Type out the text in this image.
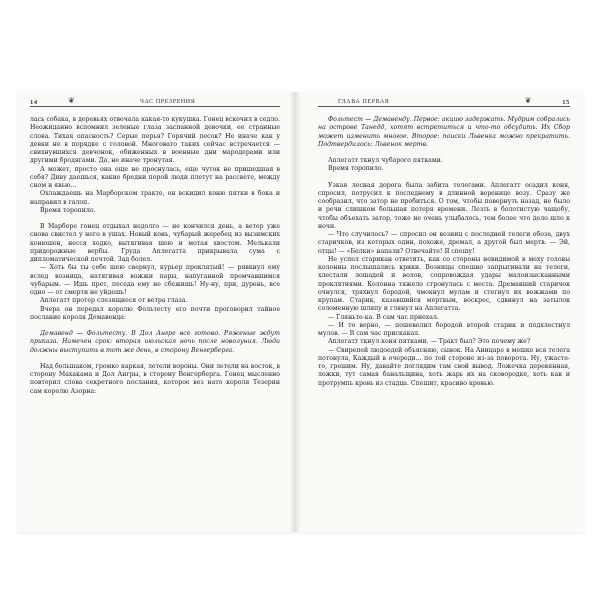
14	❦	ЧАС ПРЕЗРЕНИЯ

лась собака, в деревьях отвечала какая-то кукушка. Гонец вскочил в седло. Неожиданно вспомнил зеленые глаза заспанной девочки, ее странные слова. Тихая опасность? Серые перья? Горячий песок? Не иначе как у девки не в порядке с головой. Многовато таких сейчас встречается — свихнувшихся девчонок, обиженных в военные дни мародерами или другими бродягами. Да, не иначе тронутая.

А может, просто она еще не проснулась, еще чуток не пришедшая в себя? Диву даешься, какие бредни порой люди плетут на рассвете, между сном и явью...

Охлаждаешь на Марборском тракте, он вскидил коню пятки в бока и направил в галоп.

Время торопило.

В Марборе гонец отдыхал недолго — не кончился день, а ветер уже снова свистел у него в ушах. Новый конь, чубарый жеребец из вызимских конюшен, несся ходко, вытягивая шею и мотая хвостом. Мелькали придорожные вербы. Груда Аплегатта прикрывала сума с дипломатической почтой. Зад болел.

— Хоть бы ты себе шею свернул, курьер проклятый! — рявкнул ему вслед возница, натягивая вожжи пары, напуганной промчавшимся чубарым. — Ишь прет, песеда ему не сбежишь! Ну-ну, при, дурень, все одно — от смерти не уйдешь!

Аплегатт протер слезящиеся от ветра глаза.

Вчера он передал королю Фольтесту его почти проговорил тайное послание короля Демавенда:

Демавенд — Фольтесту. В Дол Ангре все готово. Ряженые ждут приказа. Намечен срок: вторая июльская ночь после новолуния. Люди должны выступить в тот же день, в сторону Венгерберга.

Над большаком, громко каркая, летели вороны. Они летели на восток, в сторону Махакама и Дол Ангры, в сторону Венгерберга. Гонец мысленно повторил слова секретного послания, которое вез нато короля Тезерин сам королю Азорна:

ГЛАВА ПЕРВАЯ	❦	15

Фольтест — Демавенду. Первое: акцию задержать. Мудрим собрались на острове Танедд, хотят встретиться и что-то обсудить. Их Сбор может изменить многое. Второе: поиски Львенка можно прекратить. Подтвердилось: Львенок мертв.

Аплегатт ткнул чубарого пятками.

Время торопило.

Узкая лесная дорога была забита телегами. Аплегатт осадил коня, спросил, потрусил к последнему в длинной веренице возу. Сразу же сообразил, что затор не пробиться. О том, чтобы повернуть назад, не было и речи слишком большая потеря времени. Лезть в болотистую чащобу, чтобы объехать затор, тоже не очень улыбалось, тем более что дело шло к ночи.

— Что случилось? — спросил он возниц с последней телеги обоза, двух старичков, из которых один, похоже, дремал, а другой был мертв. — Эй, отцы! — «Белки» напали? Отвечайте! Я спешу!

Не успел старикан ответить, как со стороны невидимой в меху головы колонны послышались крики. Возницы спешно запрыгивали на телеги, хлестали лошадей и волов, сопровождая удары малоизысканными проклятиями. Колонна тяжело стронулась с места. Дремавший старичок очнулся, тряхнул бородой, чмокнул мулам и стегнул их вожжами по крупам. Старик, казавшийся мертвым, воскрес, сдвинул на затылок соломенную шляпу и глянул на Аплегатта.

— Гляньте-ка. В сам час приехал.

— И то верно, — пошевелил бородой второй старик и подхлестнул мулов. — В сам час прискакал.

Аплегатт ткнул коня пятками. — Тракт был? Это почему же?

— Свирепей людоедей объясняю, сынок. На Аницаре в мешке вся телега потонула, Каждый в очереди... по той стороне из-за поворота. Ну, ужасте-то, грешим. Ну, давайте поглядим там свой вывод. Ложечка деревянная, ложки, тут самая банальщина, хоть жарь их на сковородке, хоть как и протрумпь кровь из стадца. Спешит, красиво кровью.
